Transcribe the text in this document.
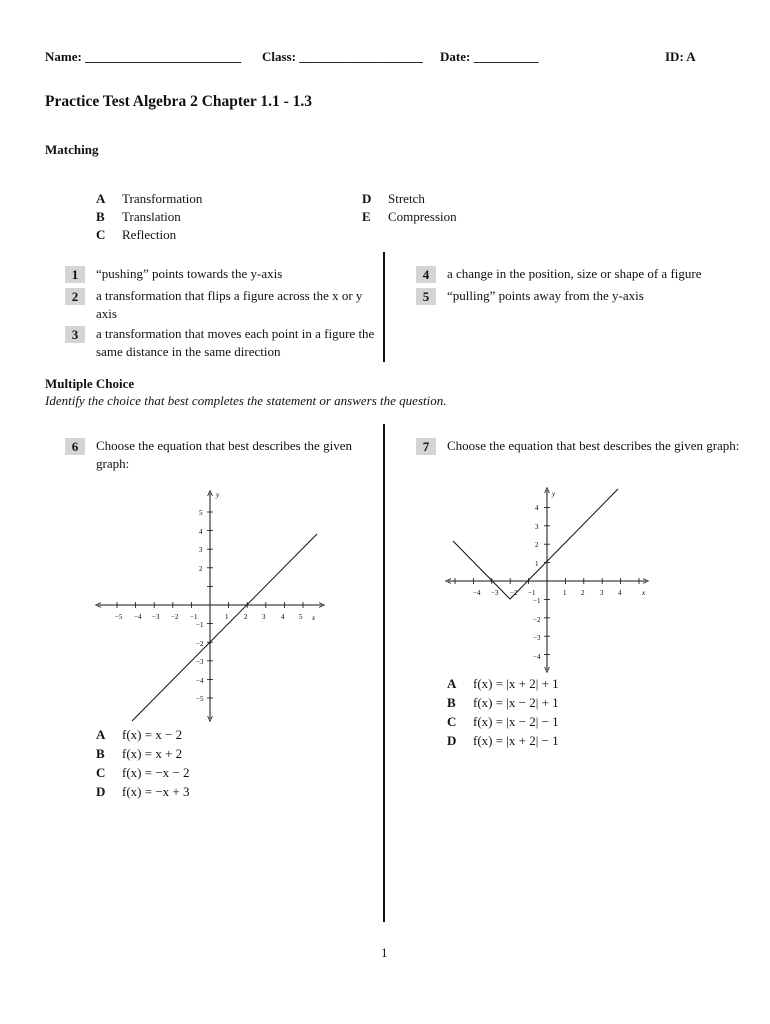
Name: ________________________ Class: ___________________ Date: __________	ID: A
Practice Test Algebra 2 Chapter 1.1 - 1.3
Matching
A Transformation
B Translation
C Reflection
D Stretch
E Compression
1	“pushing” points towards the y-axis
2	a transformation that flips a figure across the x or y axis
3	a transformation that moves each point in a figure the same distance in the same direction
4	a change in the position, size or shape of a figure
5	“pulling” points away from the y-axis
Multiple Choice
Identify the choice that best completes the statement or answers the question.
6	Choose the equation that best describes the given graph:
x
y
−5 −4 −3 −2 −1	1 2 3 4 5
5
4
3
2
−1
−2
−3
−4
−5
A f(x) = x − 2
B f(x) = x + 2
C f(x) = −x − 2
D f(x) = −x + 3
7	Choose the equation that best describes the given graph:
x
y
−4 −3 −2 −1	1 2 3 4
4
3
2
1
−1
−2
−3
−4
A f(x) = |x + 2| + 1
B f(x) = |x − 2| + 1
C f(x) = |x − 2| − 1
D f(x) = |x + 2| − 1
1
